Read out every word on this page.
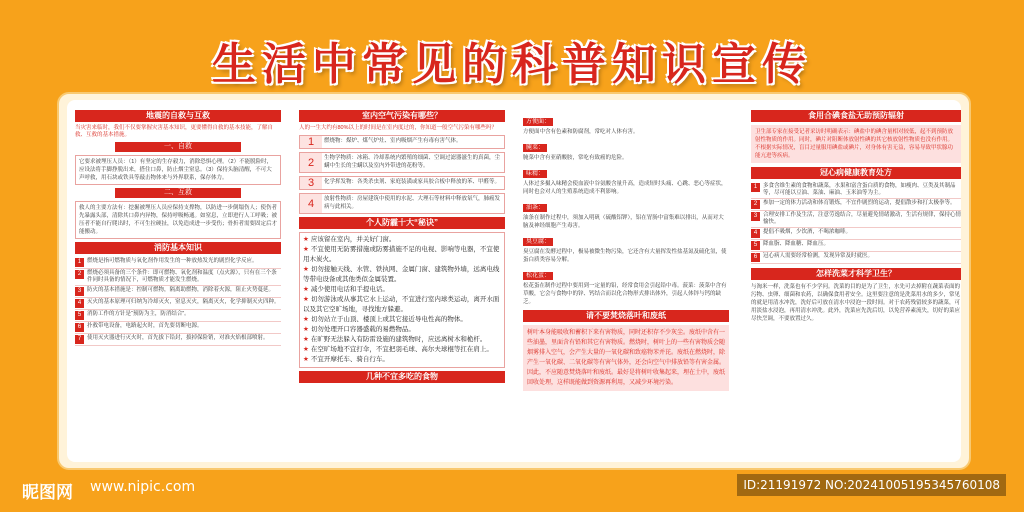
生活中常见的科普知识宣传
地震的自救与互救
当灾害来临时，我们不仅要掌握灾害基本知识，更要懂得自救的基本技能，了解自救、互救的基本措施。
一、自救
它要求被埋压人员：（1）有坚定的生存毅力，消除恐惧心理。（2）不能脱险时，应设法将手脚挣脱出来，搭住口鼻，防止烟尘窒息。（3）保持头脑清醒，不可大声呼救，用石块或铁具等敲击物体来与外界联系，保存体力。
二、互救
救人的主要方法有：挖掘被埋压人员应保持支撑物，以防进一步倒塌伤人；使伤者先暴露头部，清除其口鼻内异物，保持呼吸畅通。如窒息，立即进行人工呼吸；被压者不能自行爬出时，不可生拉硬扯，以免造成进一步受伤；骨折者需要固定后才能搬动。
消防基本知识
1	燃烧是指可燃物质与氧化剂作用发生的一种放热发光的剧烈化学反应。
2	燃烧必须具备的三个条件：即可燃物、氧化剂和温度（点火源），只有在三个条件同时具备的情况下，可燃物质才能发生燃烧。
3	防火的基本措施是：控制可燃物，隔离助燃物，消除着火源，阻止火势蔓延。
4	灭火的基本原理可归纳为冷却灭火，窒息灭火，隔离灭火，化学抑制灭火四种。
5	消防工作的方针是“预防为主，防消结合”。
6	扑救带电设备，电路起火时，首先要切断电源。
7	使用灭火器进行灭火时，首先拔下铅封，拔掉保险销，对准火焰根部喷射。
室内空气污染有哪些？
人的一生大约有80%以上的时间是在室内度过的，你知道一般空气污染有哪些吗？
1	燃烧物：煤炉、煤气炉灶、室内吸烟产生有毒有害气体。
2	生物学物质：冰箱、冷却系统内繁殖的细菌、空调过滤器滋生的真菌，尘螨中生长的尘螨以及室内外带进的花粉等。
3	化学挥发物：各类杀虫剂、家庭装潢或家具胶合板中释放的苯、甲醛等。
4	放射性物质：房屋建筑中使用的水泥、大理石等材料中释放氡气，肺癌发病与此相关。
个人防霾十大“秘诀”
★ 应该留在室内，并关好门窗。
★ 不宜使用无防雾措施或防雾措施不足的电视、影响等电器，不宜使用木炭火。
★ 切勿接触天线、水管、铁执网、金属门窗、建筑物外墙，远离电线等带电设备或其他类似金属装置。
★ 减少使用电话和手提电话。
★ 切勿游泳或从事其它水上运动，不宜进行室内球类运动，离开水面以及其它空旷场地，寻找地方躲避。
★ 切勿站立于山顶、楼顶上或其它接近导电性高的物体。
★ 切勿处理开口容器盛载的易燃物品。
★ 在旷野无法躲入有防雷设施的建筑物时，应远离树木和桅杆。
★ 在空旷场地不宜打伞，不宜把羽毛球、高尔夫球棍等扛在肩上。
★ 不宜开摩托车、骑自行车。
几种不宜多吃的食物
方便面：
方便面中含有色素和防腐剂，常吃对人体有害。
腌菜：
腌菜中含有亚硝酸胺，常吃有致癌的危险。
味精：
人体过多摄入味精会使血液中谷氨酸含量升高，造成短时头痛、心跳、恶心等症状，同时也会对人的生殖系统造成不利影响。
油条：
油条在制作过程中，须加入明矾（硫酸铝钾），铝在胃肠中富集难以排出，从而对大脑及神经细胞产生毒害。
臭豆腐：
臭豆腐在发酵过程中，极易被微生物污染，它还含有大量挥发性盐基氮及硫化氢，使蛋白质类容易分解。
松花蛋：
松花蛋在制作过程中要用到一定量的铅，经常食用会引起铅中毒。菠菜：菠菜中含有草酸，它会与食物中的锌、钙结合而以化合物形式排出体外，引起人体锌与钙的缺乏。
请不要焚烧落叶和废纸
树叶本身能吸收和蓄积下来有害物质，同时还积存不少灰尘。废纸中含有一些油墨，里面含有铅和其它有害物质。燃烧时，树叶上的一些有害物质会随烟雾排入空气，会产生大量的一氧化碳和致癌物苯并芘。废纸在燃烧时，除产生一氧化碳、二氧化碳等有害气体外，还会向空气中排放铅等有害金属。因此，不应随意焚烧落叶和废纸。最好是将树叶收集起来，埋在土中，废纸回收处理，这样既能做到资源再利用，又减少环境污染。
食用合碘食盐无助预防辐射
卫生部专家在接受记者采访时明确表示：碘盐中的碘含量相对较低，起不到预防放射性物质的作用。同时，碘片对阻断体放射性碘的其它核放射性物质也没有作用。不根据实际情况，盲目过量服用碘盐或碘片，对身体有害无益，容易导致甲状腺功能亢进等疾病。
冠心病健康教育处方
1	多食含维生素的食物和蔬菜，水果和富含蛋白质的食物，如瘦肉、豆类及其制品等，尽可能以豆油、菜油、麻油、玉米油等为主。
2	参加一定的体力活动和体育锻炼，不宜作剧烈的运动，提倡散步和打太极拳等。
3	合理安排工作及生活，注意劳逸结合，尽量避免情绪激动，生活有规律，保持心情愉快。
4	提倡不吸烟，少饮酒，不喝浓咖啡。
5	降血脂、降血糖、降血压。
6	冠心病人需要经常检测，发现异常及时就医。
怎样洗菜才科学卫生？
与淘米一样，洗菜也有不少学问。洗菜的目的是为了卫生，水先可去掉附在蔬菜表面的污物、虫卵、细菌和农药，以确保食用者安全。这里要注意的是洗菜用水的多少，常见的就是用清水冲洗，洗好后可放在清水中浸泡一段时间。对于农药残留较多的蔬菜，可用淡盐水浸泡，再用清水冲洗。此外，洗菜应先洗后切，以免营养素流失，切好的菜应尽快烹调，不要放置过久。
昵图网 www.nipic.com	ID:21191972 NO:20241005195345760108
